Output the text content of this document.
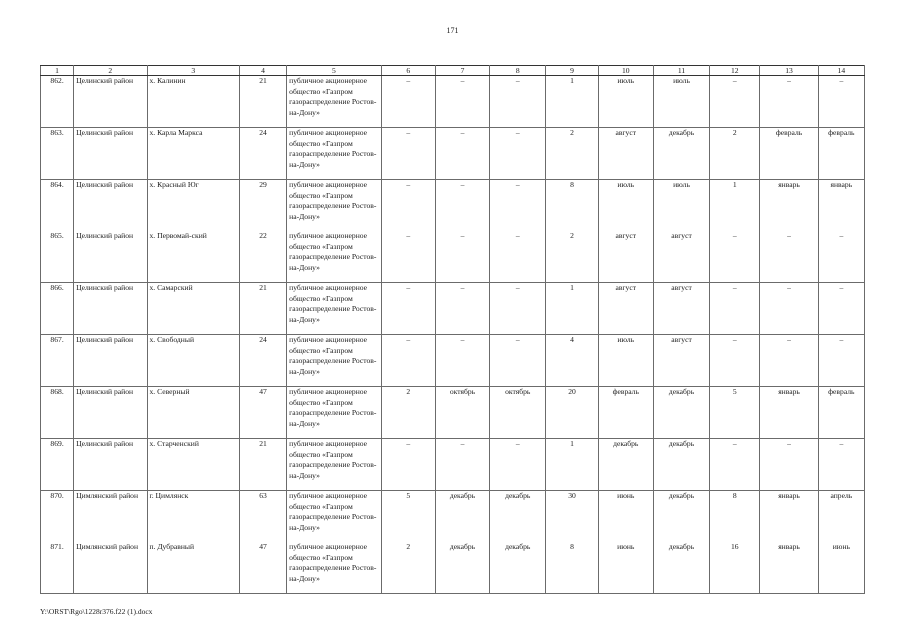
171
1	2	3	4	5	6	7	8	9	10	11	12	13	14
862.	Целинский район	х. Калинин	21	публичное акционерное общество «Газпром газораспределение Ростов-на-Дону»	–	–	–	1	июль	июль	–	–	–
863.	Целинский район	х. Карла Маркса	24	публичное акционерное общество «Газпром газораспределение Ростов-на-Дону»	–	–	–	2	август	декабрь	2	февраль	февраль
864.	Целинский район	х. Красный Юг	29	публичное акционерное общество «Газпром газораспределение Ростов-на-Дону»	–	–	–	8	июль	июль	1	январь	январь
865.	Целинский район	х. Первомай-ский	22	публичное акционерное общество «Газпром газораспределение Ростов-на-Дону»	–	–	–	2	август	август	–	–	–
866.	Целинский район	х. Самарский	21	публичное акционерное общество «Газпром газораспределение Ростов-на-Дону»	–	–	–	1	август	август	–	–	–
867.	Целинский район	х. Свободный	24	публичное акционерное общество «Газпром газораспределение Ростов-на-Дону»	–	–	–	4	июль	август	–	–	–
868.	Целинский район	х. Северный	47	публичное акционерное общество «Газпром газораспределение Ростов-на-Дону»	2	октябрь	октябрь	20	февраль	декабрь	5	январь	февраль
869.	Целинский район	х. Старченский	21	публичное акционерное общество «Газпром газораспределение Ростов-на-Дону»	–	–	–	1	декабрь	декабрь	–	–	–
870.	Цимлянский район	г. Цимлянск	63	публичное акционерное общество «Газпром газораспределение Ростов-на-Дону»	5	декабрь	декабрь	30	июнь	декабрь	8	январь	апрель
871.	Цимлянский район	п. Дубравный	47	публичное акционерное общество «Газпром газораспределение Ростов-на-Дону»	2	декабрь	декабрь	8	июнь	декабрь	16	январь	июнь
Y:\ORST\Rgo\1228r376.f22 (1).docx
